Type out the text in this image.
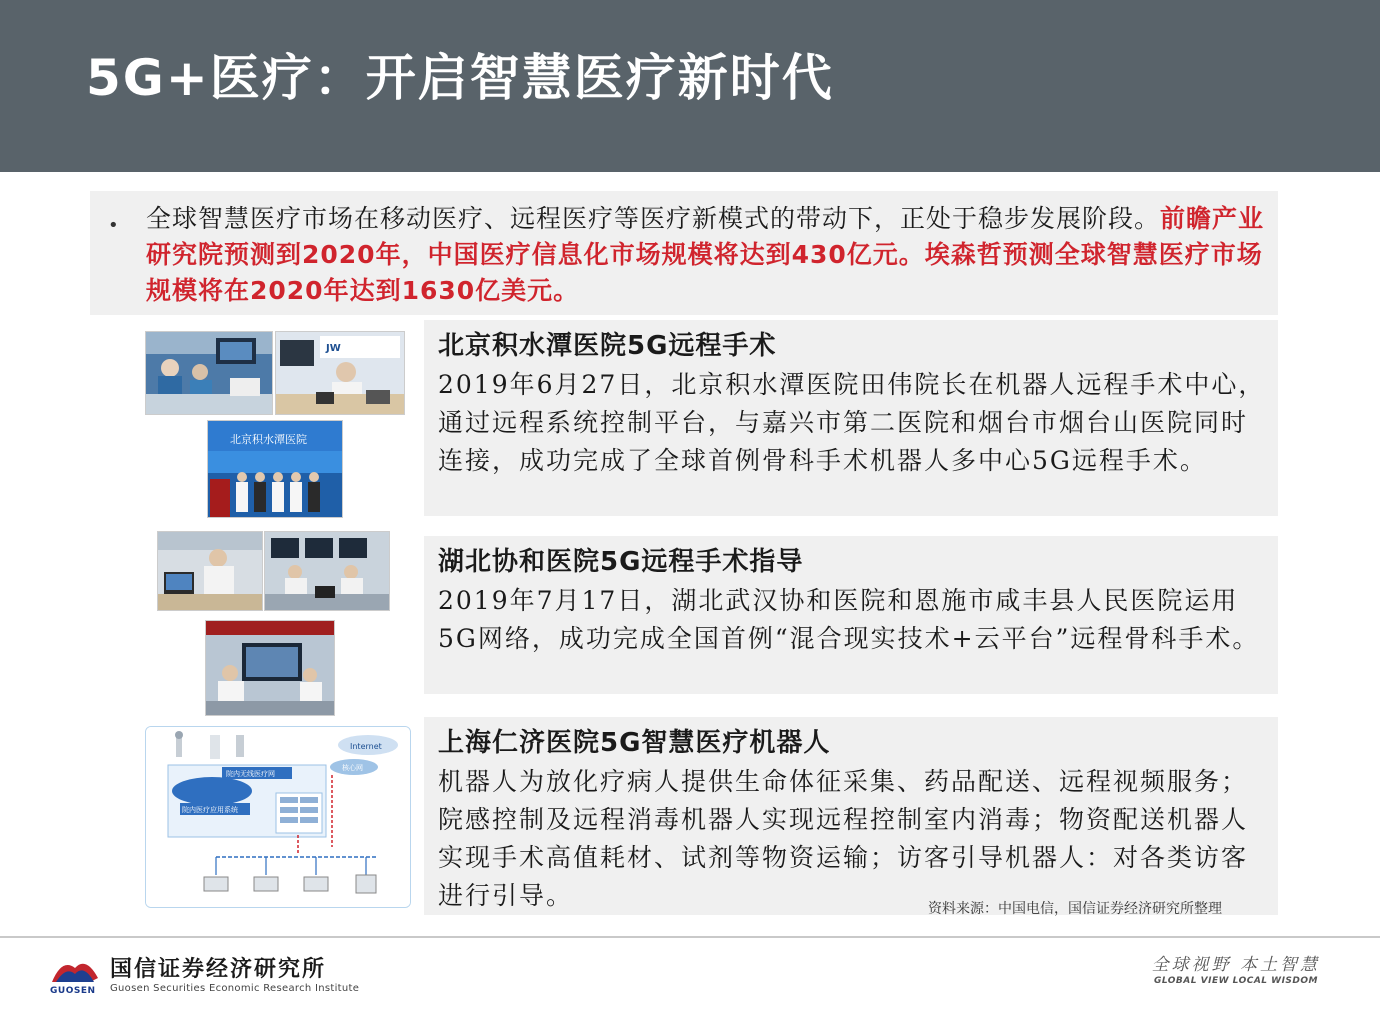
5G+医疗：开启智慧医疗新时代
• 全球智慧医疗市场在移动医疗、远程医疗等医疗新模式的带动下，正处于稳步发展阶段。前瞻产业研究院预测到2020年，中国医疗信息化市场规模将达到430亿元。埃森哲预测全球智慧医疗市场规模将在2020年达到1630亿美元。
JW
北京积水潭医院
北京积水潭医院5G远程手术
2019年6月27日，北京积水潭医院田伟院长在机器人远程手术中心，通过远程系统控制平台，与嘉兴市第二医院和烟台市烟台山医院同时连接，成功完成了全球首例骨科手术机器人多中心5G远程手术。
湖北协和医院5G远程手术指导
2019年7月17日，湖北武汉协和医院和恩施市咸丰县人民医院运用5G网络，成功完成全国首例“混合现实技术+云平台”远程骨科手术。
Internet
核心网
院内无线医疗网
院内医疗应用系统
上海仁济医院5G智慧医疗机器人
机器人为放化疗病人提供生命体征采集、药品配送、远程视频服务；院感控制及远程消毒机器人实现远程控制室内消毒；物资配送机器人实现手术高值耗材、试剂等物资运输；访客引导机器人：对各类访客进行引导。	资料来源：中国电信，国信证券经济研究所整理
GUOSEN
国信证券经济研究所
Guosen Securities Economic Research Institute
全球视野 本土智慧
GLOBAL VIEW LOCAL WISDOM
